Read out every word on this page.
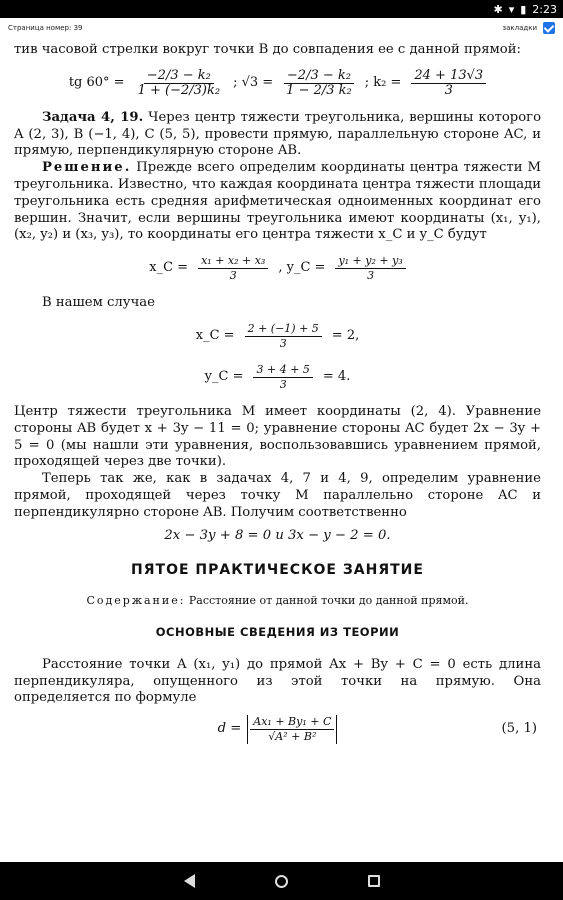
✱ ▾ ▮ 2:23
Страница номер: 39	закладки

тив часовой стрелки вокруг точки B до совпадения ее с данной прямой:

tg $60^\circ = \frac{\text{−2/3 − k₂}}{\text{1 + (−2/3)k₂}}$ ; $√3 = \frac{\text{−2/3 − k₂}}{\text{1 − 2/3 k₂}}$ ; $k_2 = \frac{24 + 13√3}{3}$

Задача 4, 19. Через центр тяжести треугольника, вершины которого A (2, 3), B (−1, 4), C (5, 5), провести прямую, параллельную стороне AC, и прямую, перпендикулярную стороне AB.

Решение. Прежде всего определим координаты центра тяжести M треугольника. Известно, что каждая координата центра тяжести площади треугольника есть средняя арифметическая одноименных координат его вершин. Значит, если вершины треугольника имеют координаты (x₁, y₁), (x₂, y₂) и (x₃, y₃), то координаты его центра тяжести x_C и y_C будут

x_C = $\frac{\text{x₁ + x₂ + x₃}}{3}$ , y_C = $\frac{\text{y₁ + y₂ + y₃}}{3}$

В нашем случае

x_C = $\frac{2 + (-1) + 5}{3} = 2$,
y_C = $\frac{3 + 4 + 5}{3} = 4$.

Центр тяжести треугольника M имеет координаты (2, 4). Уравнение стороны AB будет x + 3y − 11 = 0; уравнение стороны AC будет 2x − 3y + 5 = 0 (мы нашли эти уравнения, воспользовавшись уравнением прямой, проходящей через две точки).

Теперь так же, как в задачах 4, 7 и 4, 9, определим уравнение прямой, проходящей через точку M параллельно стороне AC и перпендикулярно стороне AB. Получим соответственно

2x − 3y + 8 = 0 и 3x − y − 2 = 0.

ПЯТОЕ ПРАКТИЧЕСКОЕ ЗАНЯТИЕ
Содержание: Расстояние от данной точки до данной прямой.
ОСНОВНЫЕ СВЕДЕНИЯ ИЗ ТЕОРИИ

Расстояние точки A (x₁, y₁) до прямой Ax + By + C = 0 есть длина перпендикуляра, опущенного из этой точки на прямую. Она определяется по формуле

$d = \frac{\text{Ax₁ + By₁ + C}}{\text{√A² + B²}}$	(5, 1)
